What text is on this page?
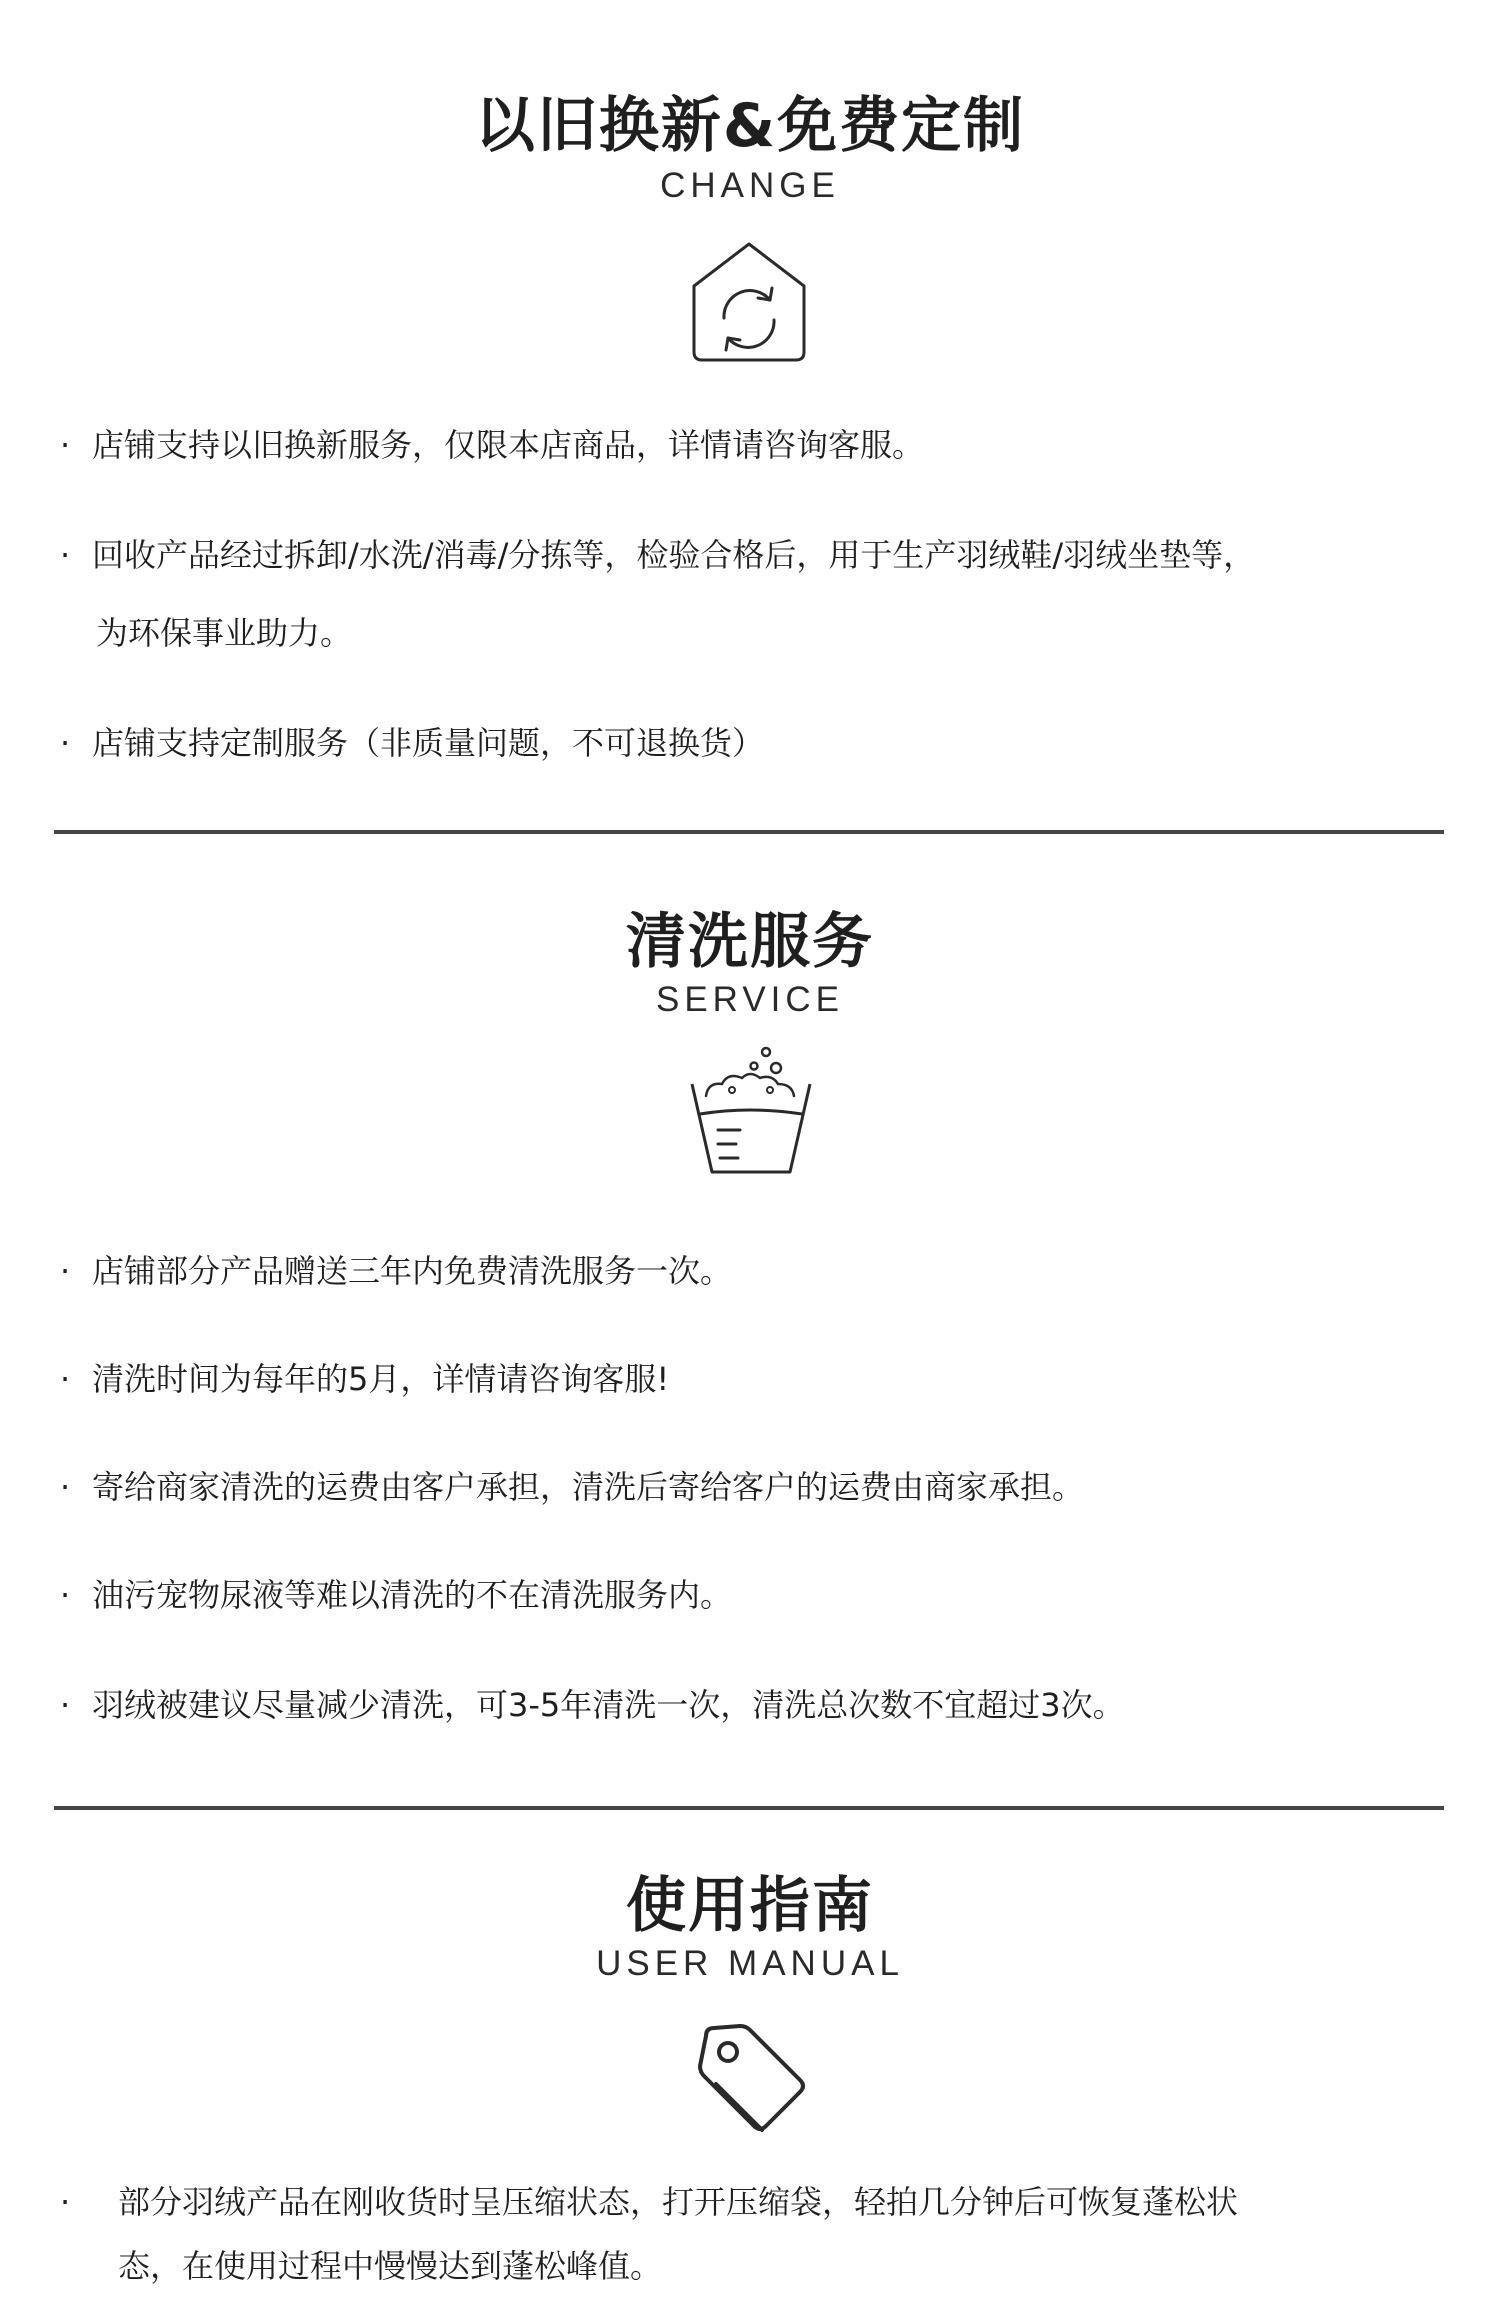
以旧换新&免费定制
CHANGE
· 店铺支持以旧换新服务，仅限本店商品，详情请咨询客服。
· 回收产品经过拆卸/水洗/消毒/分拣等，检验合格后，用于生产羽绒鞋/羽绒坐垫等，
为环保事业助力。
· 店铺支持定制服务（非质量问题，不可退换货）
清洗服务
SERVICE
· 店铺部分产品赠送三年内免费清洗服务一次。
· 清洗时间为每年的5月，详情请咨询客服!
· 寄给商家清洗的运费由客户承担，清洗后寄给客户的运费由商家承担。
· 油污宠物尿液等难以清洗的不在清洗服务内。
· 羽绒被建议尽量减少清洗，可3-5年清洗一次，清洗总次数不宜超过3次。
使用指南
USER MANUAL
· 部分羽绒产品在刚收货时呈压缩状态，打开压缩袋，轻拍几分钟后可恢复蓬松状
态，在使用过程中慢慢达到蓬松峰值。
